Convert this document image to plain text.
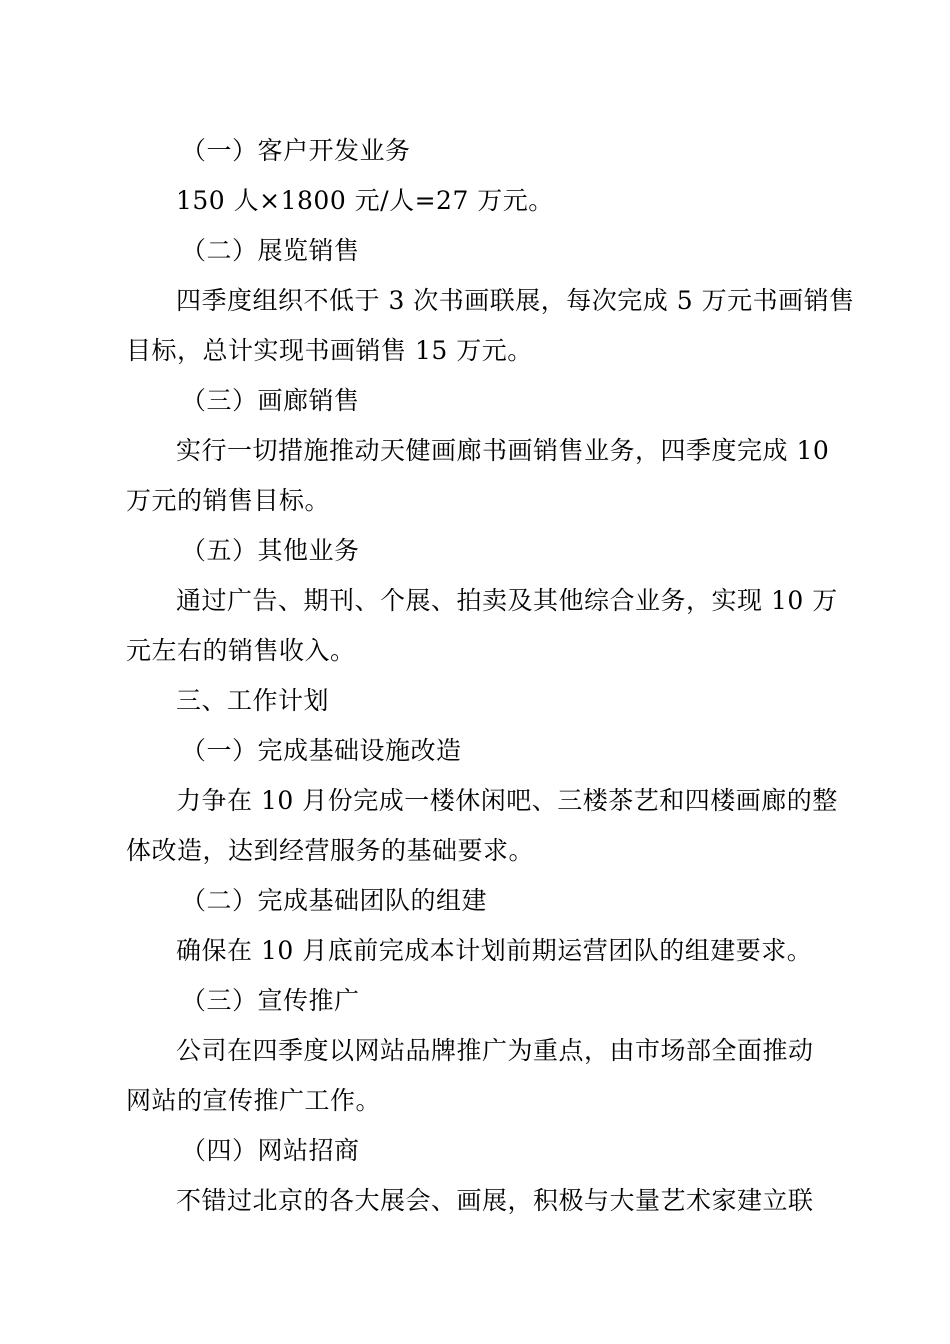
（一）客户开发业务
150 人×1800 元/人=27 万元。
（二）展览销售
四季度组织不低于 3 次书画联展，每次完成 5 万元书画销售
目标，总计实现书画销售 15 万元。
（三）画廊销售
实行一切措施推动天健画廊书画销售业务，四季度完成 10
万元的销售目标。
（五）其他业务
通过广告、期刊、个展、拍卖及其他综合业务，实现 10 万
元左右的销售收入。
三、工作计划
（一）完成基础设施改造
力争在 10 月份完成一楼休闲吧、三楼茶艺和四楼画廊的整
体改造，达到经营服务的基础要求。
（二）完成基础团队的组建
确保在 10 月底前完成本计划前期运营团队的组建要求。
（三）宣传推广
公司在四季度以网站品牌推广为重点，由市场部全面推动
网站的宣传推广工作。
（四）网站招商
不错过北京的各大展会、画展，积极与大量艺术家建立联
